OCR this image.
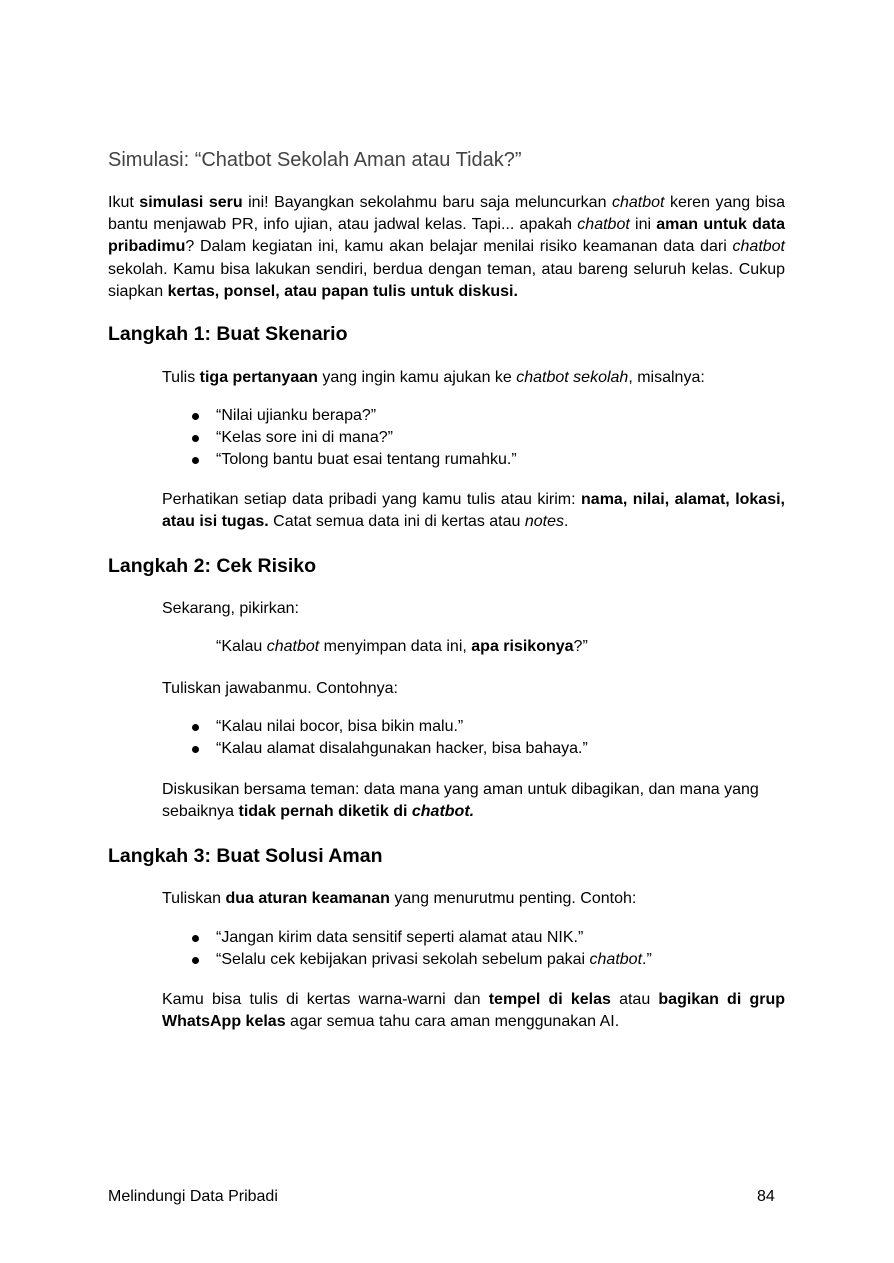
Simulasi: “Chatbot Sekolah Aman atau Tidak?”

Ikut simulasi seru ini! Bayangkan sekolahmu baru saja meluncurkan chatbot keren yang bisa bantu menjawab PR, info ujian, atau jadwal kelas. Tapi... apakah chatbot ini aman untuk data pribadimu? Dalam kegiatan ini, kamu akan belajar menilai risiko keamanan data dari chatbot sekolah. Kamu bisa lakukan sendiri, berdua dengan teman, atau bareng seluruh kelas. Cukup siapkan kertas, ponsel, atau papan tulis untuk diskusi.

Langkah 1: Buat Skenario

Tulis tiga pertanyaan yang ingin kamu ajukan ke chatbot sekolah, misalnya:

“Nilai ujianku berapa?”
“Kelas sore ini di mana?”
“Tolong bantu buat esai tentang rumahku.”

Perhatikan setiap data pribadi yang kamu tulis atau kirim: nama, nilai, alamat, lokasi, atau isi tugas. Catat semua data ini di kertas atau notes.

Langkah 2: Cek Risiko

Sekarang, pikirkan:

“Kalau chatbot menyimpan data ini, apa risikonya?”

Tuliskan jawabanmu. Contohnya:

“Kalau nilai bocor, bisa bikin malu.”
“Kalau alamat disalahgunakan hacker, bisa bahaya.”

Diskusikan bersama teman: data mana yang aman untuk dibagikan, dan mana yang sebaiknya tidak pernah diketik di chatbot.

Langkah 3: Buat Solusi Aman

Tuliskan dua aturan keamanan yang menurutmu penting. Contoh:

“Jangan kirim data sensitif seperti alamat atau NIK.”
“Selalu cek kebijakan privasi sekolah sebelum pakai chatbot.”

Kamu bisa tulis di kertas warna-warni dan tempel di kelas atau bagikan di grup WhatsApp kelas agar semua tahu cara aman menggunakan AI.

Melindungi Data Pribadi	84
